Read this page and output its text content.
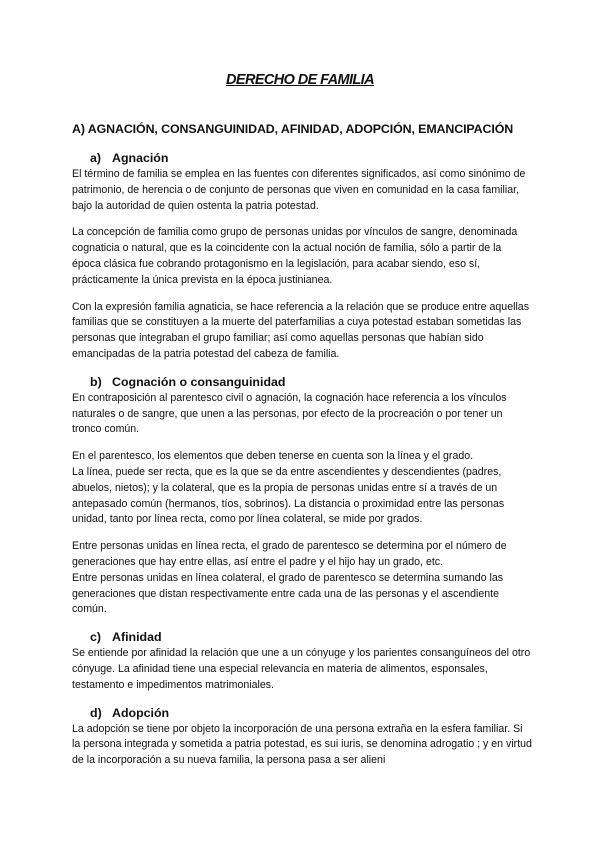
DERECHO DE FAMILIA
A) AGNACIÓN, CONSANGUINIDAD, AFINIDAD, ADOPCIÓN, EMANCIPACIÓN
a) Agnación

El término de familia se emplea en las fuentes con diferentes significados, así como sinónimo de patrimonio, de herencia o de conjunto de personas que viven en comunidad en la casa familiar, bajo la autoridad de quien ostenta la patria potestad.

La concepción de familia como grupo de personas unidas por vínculos de sangre, denominada cognaticia o natural, que es la coincidente con la actual noción de familia, sólo a partir de la época clásica fue cobrando protagonismo en la legislación, para acabar siendo, eso sí, prácticamente la única prevista en la época justinianea.

Con la expresión familia agnaticia, se hace referencia a la relación que se produce entre aquellas familias que se constituyen a la muerte del paterfamilias a cuya potestad estaban sometidas las personas que integraban el grupo familiar; así como aquellas personas que habían sido emancipadas de la patria potestad del cabeza de familia.

b) Cognación o consanguinidad

En contraposición al parentesco civil o agnación, la cognación hace referencia a los vínculos naturales o de sangre, que unen a las personas, por efecto de la procreación o por tener un tronco común.

En el parentesco, los elementos que deben tenerse en cuenta son la línea y el grado.

La línea, puede ser recta, que es la que se da entre ascendientes y descendientes (padres, abuelos, nietos); y la colateral, que es la propia de personas unidas entre sí a través de un antepasado común (hermanos, tíos, sobrinos). La distancia o proximidad entre las personas unidad, tanto por línea recta, como por línea colateral, se mide por grados.

Entre personas unidas en línea recta, el grado de parentesco se determina por el número de generaciones que hay entre ellas, así entre el padre y el hijo hay un grado, etc.

Entre personas unidas en línea colateral, el grado de parentesco se determina sumando las generaciones que distan respectivamente entre cada una de las personas y el ascendiente común.

c) Afinidad

Se entiende por afinidad la relación que une a un cónyuge y los parientes consanguíneos del otro cónyuge. La afinidad tiene una especial relevancia en materia de alimentos, esponsales, testamento e impedimentos matrimoniales.

d) Adopción

La adopción se tiene por objeto la incorporación de una persona extraña en la esfera familiar. Si la persona integrada y sometida a patria potestad, es sui iuris, se denomina adrogatio ; y en virtud de la incorporación a su nueva familia, la persona pasa a ser alieni
